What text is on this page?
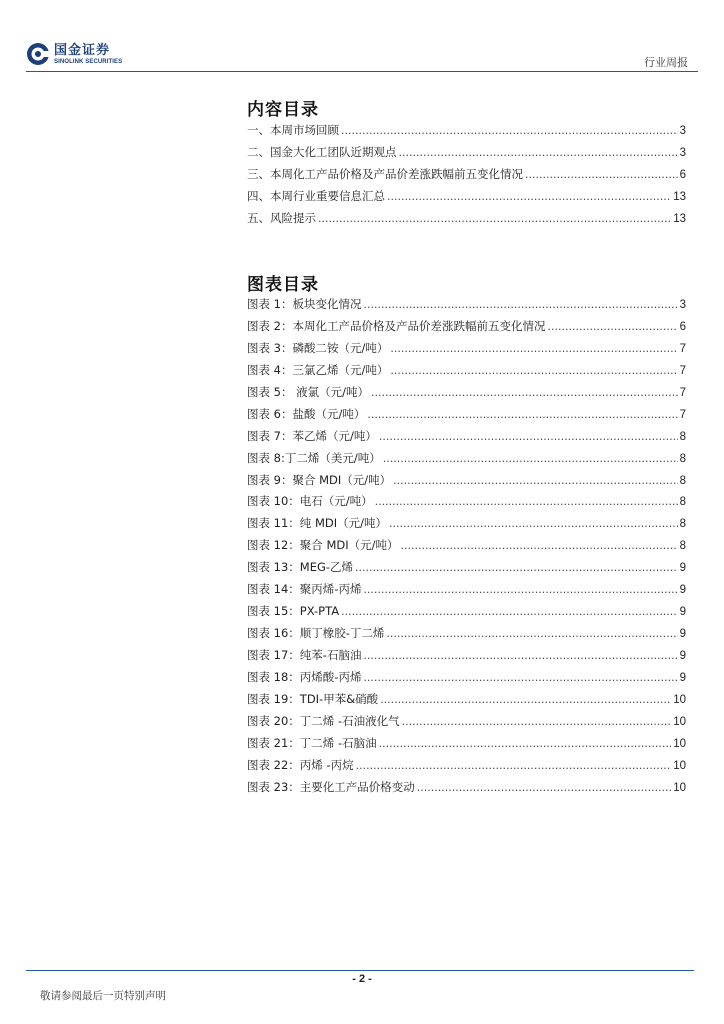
国金证券
SINOLINK SECURITIES	行业周报
内容目录
一、本周市场回顾 .....	3
二、国金大化工团队近期观点 .....	3
三、本周化工产品价格及产品价差涨跌幅前五变化情况 .....	6
四、本周行业重要信息汇总 .....	13
五、风险提示 .....	13
图表目录
图表 1：板块变化情况 .....	3
图表 2：本周化工产品价格及产品价差涨跌幅前五变化情况 .....	6
图表 3：磷酸二铵（元/吨） .....	7
图表 4：三氯乙烯（元/吨） .....	7
图表 5： 液氯（元/吨） .....	7
图表 6：盐酸（元/吨） .....	7
图表 7：苯乙烯（元/吨） .....	8
图表 8:丁二烯（美元/吨） .....	8
图表 9：聚合 MDI（元/吨） .....	8
图表 10：电石（元/吨） .....	8
图表 11：纯 MDI（元/吨） .....	8
图表 12：聚合 MDI（元/吨） .....	8
图表 13：MEG-乙烯 .....	9
图表 14：聚丙烯-丙烯 .....	9
图表 15：PX-PTA .....	9
图表 16：顺丁橡胶-丁二烯 .....	9
图表 17：纯苯-石脑油 .....	9
图表 18：丙烯酸-丙烯 .....	9
图表 19：TDI-甲苯&硝酸 .....	10
图表 20：丁二烯 -石油液化气 .....	10
图表 21：丁二烯 -石脑油 .....	10
图表 22：丙烯 -丙烷 .....	10
图表 23：主要化工产品价格变动 .....	10
- 2 -
敬请参阅最后一页特别声明
